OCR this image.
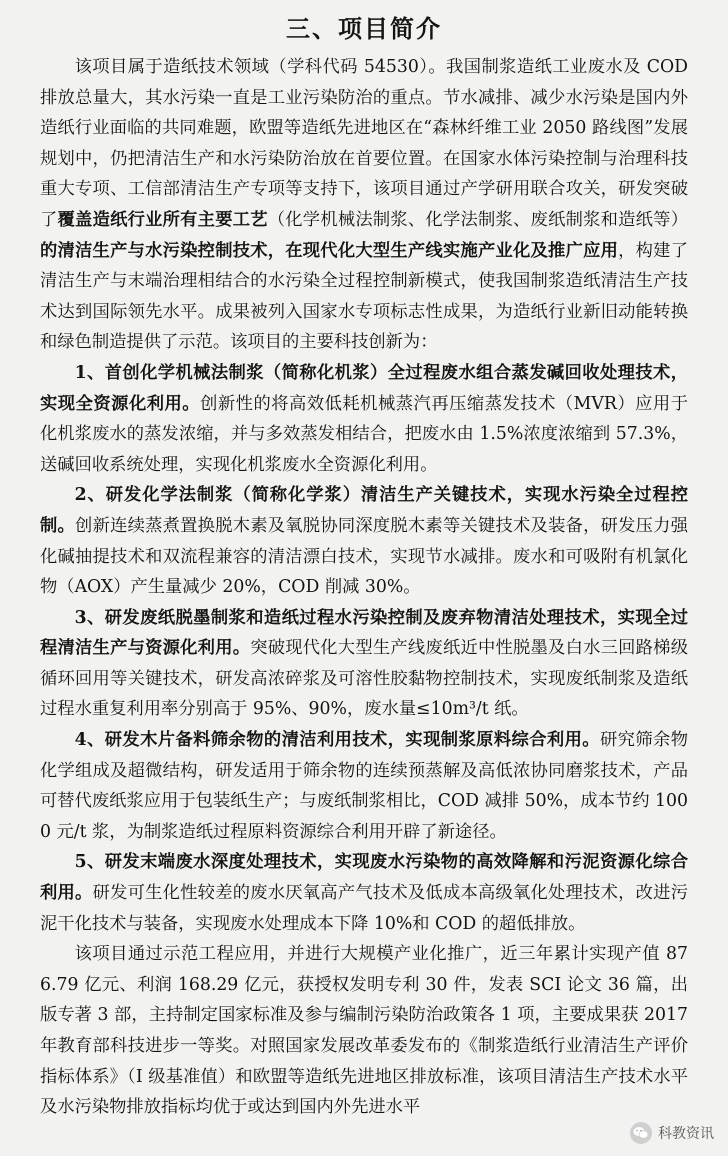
三、项目简介

该项目属于造纸技术领域（学科代码 54530）。我国制浆造纸工业废水及 COD 排放总量大，其水污染一直是工业污染防治的重点。节水减排、减少水污染是国内外造纸行业面临的共同难题，欧盟等造纸先进地区在“森林纤维工业 2050 路线图”发展规划中，仍把清洁生产和水污染防治放在首要位置。在国家水体污染控制与治理科技重大专项、工信部清洁生产专项等支持下，该项目通过产学研用联合攻关，研发突破了覆盖造纸行业所有主要工艺（化学机械法制浆、化学法制浆、废纸制浆和造纸等）的清洁生产与水污染控制技术，在现代化大型生产线实施产业化及推广应用，构建了清洁生产与末端治理相结合的水污染全过程控制新模式，使我国制浆造纸清洁生产技术达到国际领先水平。成果被列入国家水专项标志性成果，为造纸行业新旧动能转换和绿色制造提供了示范。该项目的主要科技创新为：

1、首创化学机械法制浆（简称化机浆）全过程废水组合蒸发碱回收处理技术，实现全资源化利用。创新性的将高效低耗机械蒸汽再压缩蒸发技术（MVR）应用于化机浆废水的蒸发浓缩，并与多效蒸发相结合，把废水由 1.5%浓度浓缩到 57.3%，送碱回收系统处理，实现化机浆废水全资源化利用。

2、研发化学法制浆（简称化学浆）清洁生产关键技术，实现水污染全过程控制。创新连续蒸煮置换脱木素及氧脱协同深度脱木素等关键技术及装备，研发压力强化碱抽提技术和双流程兼容的清洁漂白技术，实现节水减排。废水和可吸附有机氯化物（AOX）产生量减少 20%，COD 削减 30%。

3、研发废纸脱墨制浆和造纸过程水污染控制及废弃物清洁处理技术，实现全过程清洁生产与资源化利用。突破现代化大型生产线废纸近中性脱墨及白水三回路梯级循环回用等关键技术，研发高浓碎浆及可溶性胶黏物控制技术，实现废纸制浆及造纸过程水重复利用率分别高于 95%、90%，废水量≤10m³/t 纸。

4、研发木片备料筛余物的清洁利用技术，实现制浆原料综合利用。研究筛余物化学组成及超微结构，研发适用于筛余物的连续预蒸解及高低浓协同磨浆技术，产品可替代废纸浆应用于包装纸生产；与废纸制浆相比，COD 减排 50%，成本节约 1000 元/t 浆，为制浆造纸过程原料资源综合利用开辟了新途径。

5、研发末端废水深度处理技术，实现废水污染物的高效降解和污泥资源化综合利用。研发可生化性较差的废水厌氧高产气技术及低成本高级氧化处理技术，改进污泥干化技术与装备，实现废水处理成本下降 10%和 COD 的超低排放。

该项目通过示范工程应用，并进行大规模产业化推广，近三年累计实现产值 876.79 亿元、利润 168.29 亿元，获授权发明专利 30 件，发表 SCI 论文 36 篇，出版专著 3 部，主持制定国家标准及参与编制污染防治政策各 1 项，主要成果获 2017 年教育部科技进步一等奖。对照国家发展改革委发布的《制浆造纸行业清洁生产评价指标体系》（I 级基准值）和欧盟等造纸先进地区排放标准，该项目清洁生产技术水平及水污染物排放指标均优于或达到国内外先进水平

科教资讯
